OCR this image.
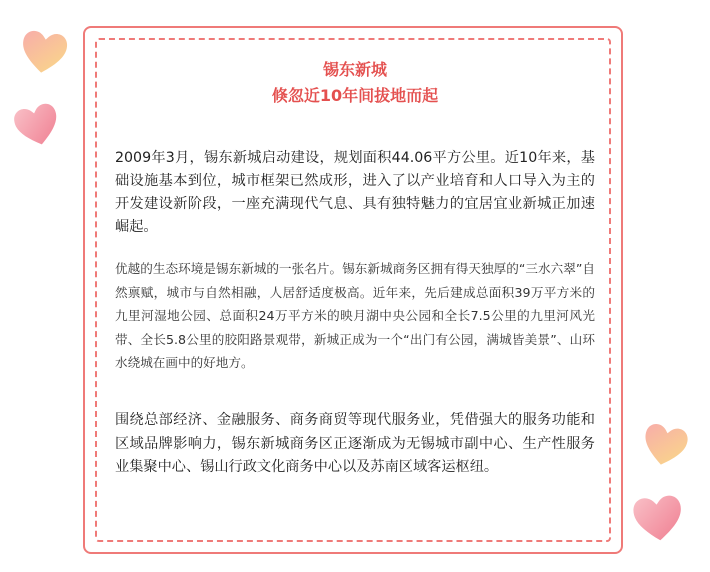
锡东新城
倏忽近10年间拔地而起

2009年3月，锡东新城启动建设，规划面积44.06平方公里。近10年来，基础设施基本到位，城市框架已然成形，进入了以产业培育和人口导入为主的开发建设新阶段，一座充满现代气息、具有独特魅力的宜居宜业新城正加速崛起。

优越的生态环境是锡东新城的一张名片。锡东新城商务区拥有得天独厚的“三水六翠”自然禀赋，城市与自然相融，人居舒适度极高。近年来，先后建成总面积39万平方米的九里河湿地公园、总面积24万平方米的映月湖中央公园和全长7.5公里的九里河风光带、全长5.8公里的胶阳路景观带，新城正成为一个“出门有公园，满城皆美景”、山环水绕城在画中的好地方。

围绕总部经济、金融服务、商务商贸等现代服务业，凭借强大的服务功能和区域品牌影响力，锡东新城商务区正逐渐成为无锡城市副中心、生产性服务业集聚中心、锡山行政文化商务中心以及苏南区域客运枢纽。
